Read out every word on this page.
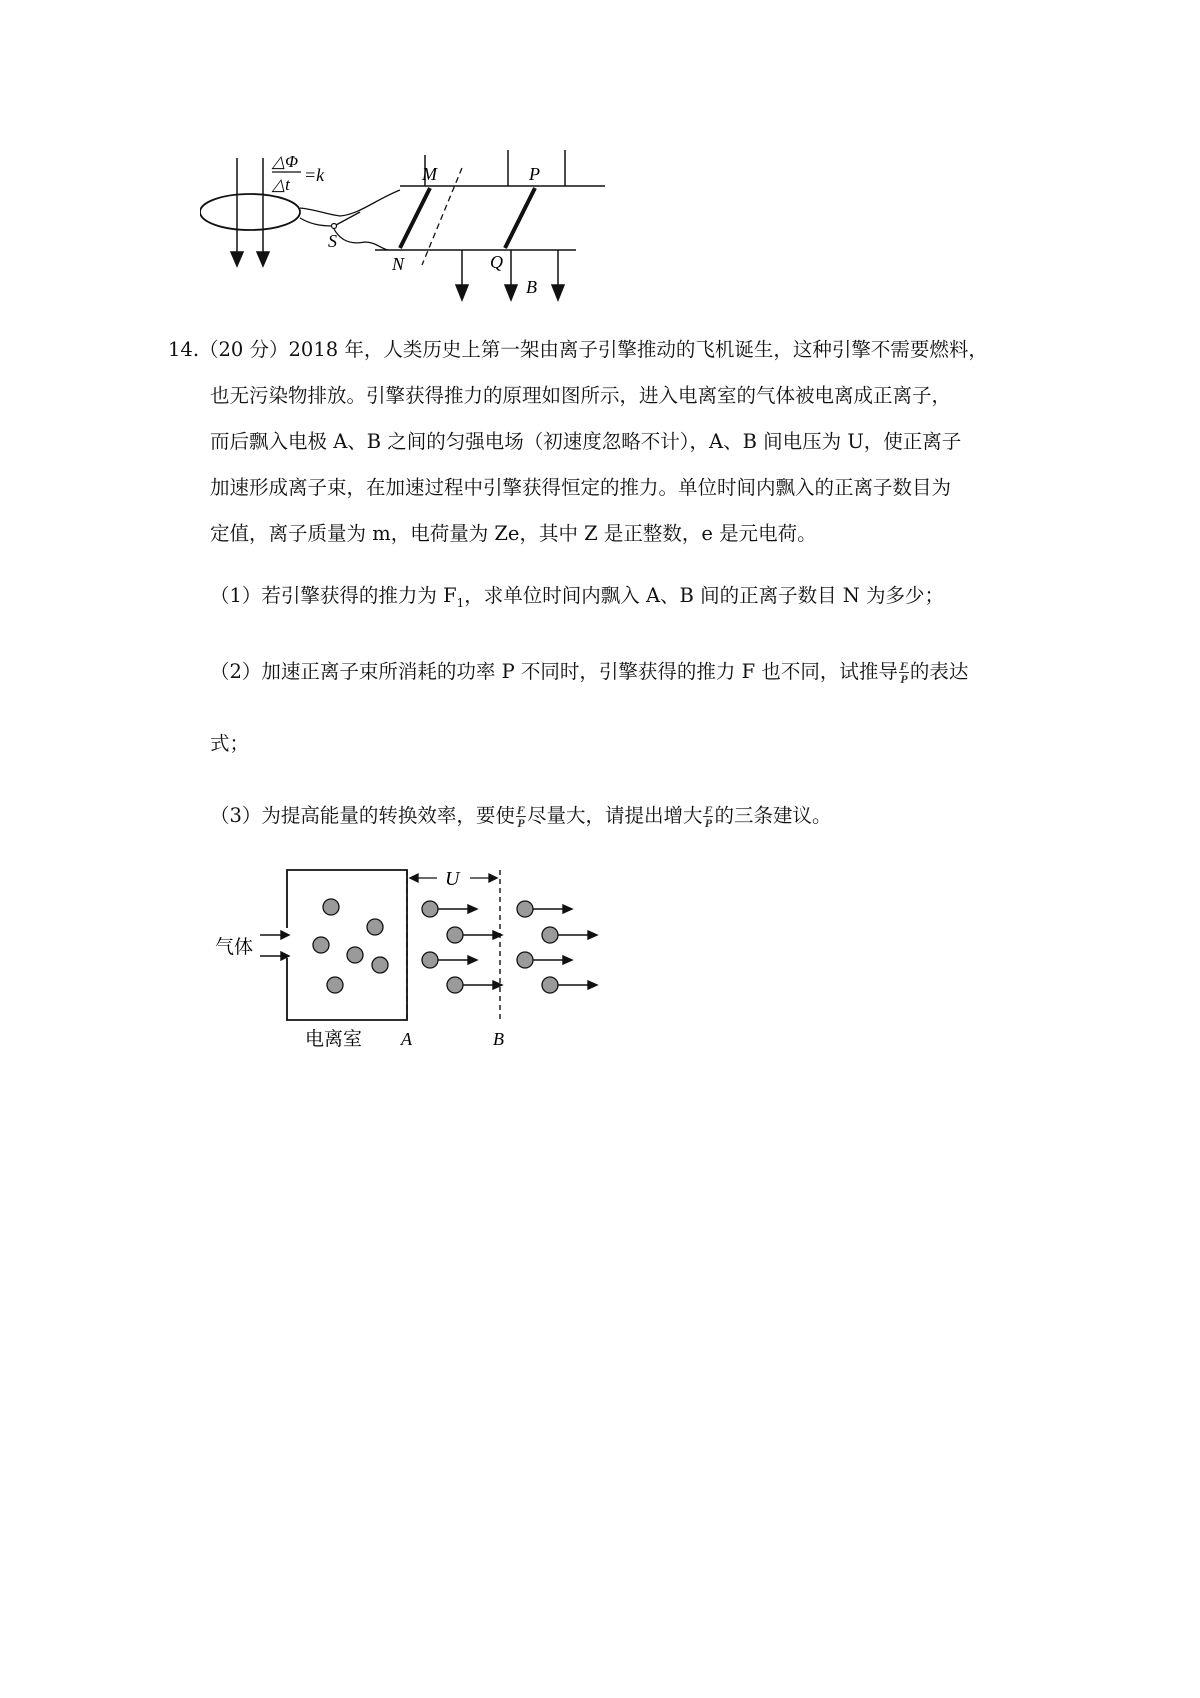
△Φ
△t =k	M	P
N	Q
S
B
14.（20 分）2018 年，人类历史上第一架由离子引擎推动的飞机诞生，这种引擎不需要燃料，
也无污染物排放。引擎获得推力的原理如图所示，进入电离室的气体被电离成正离子，
而后飘入电极 A、B 之间的匀强电场（初速度忽略不计），A、B 间电压为 U，使正离子
加速形成离子束，在加速过程中引擎获得恒定的推力。单位时间内飘入的正离子数目为
定值，离子质量为 m，电荷量为 Ze，其中 Z 是正整数，e 是元电荷。
（1）若引擎获得的推力为 $F_1$，求单位时间内飘入 A、B 间的正离子数目 N 为多少；
（2）加速正离子束所消耗的功率 P 不同时，引擎获得的推力 F 也不同，试推导 $\frac{F}{P}$ 的表达
式；
（3）为提高能量的转换效率，要使 $\frac{F}{P}$ 尽量大，请提出增大 $\frac{F}{P}$ 的三条建议。
气体
U
电离室 A	B
